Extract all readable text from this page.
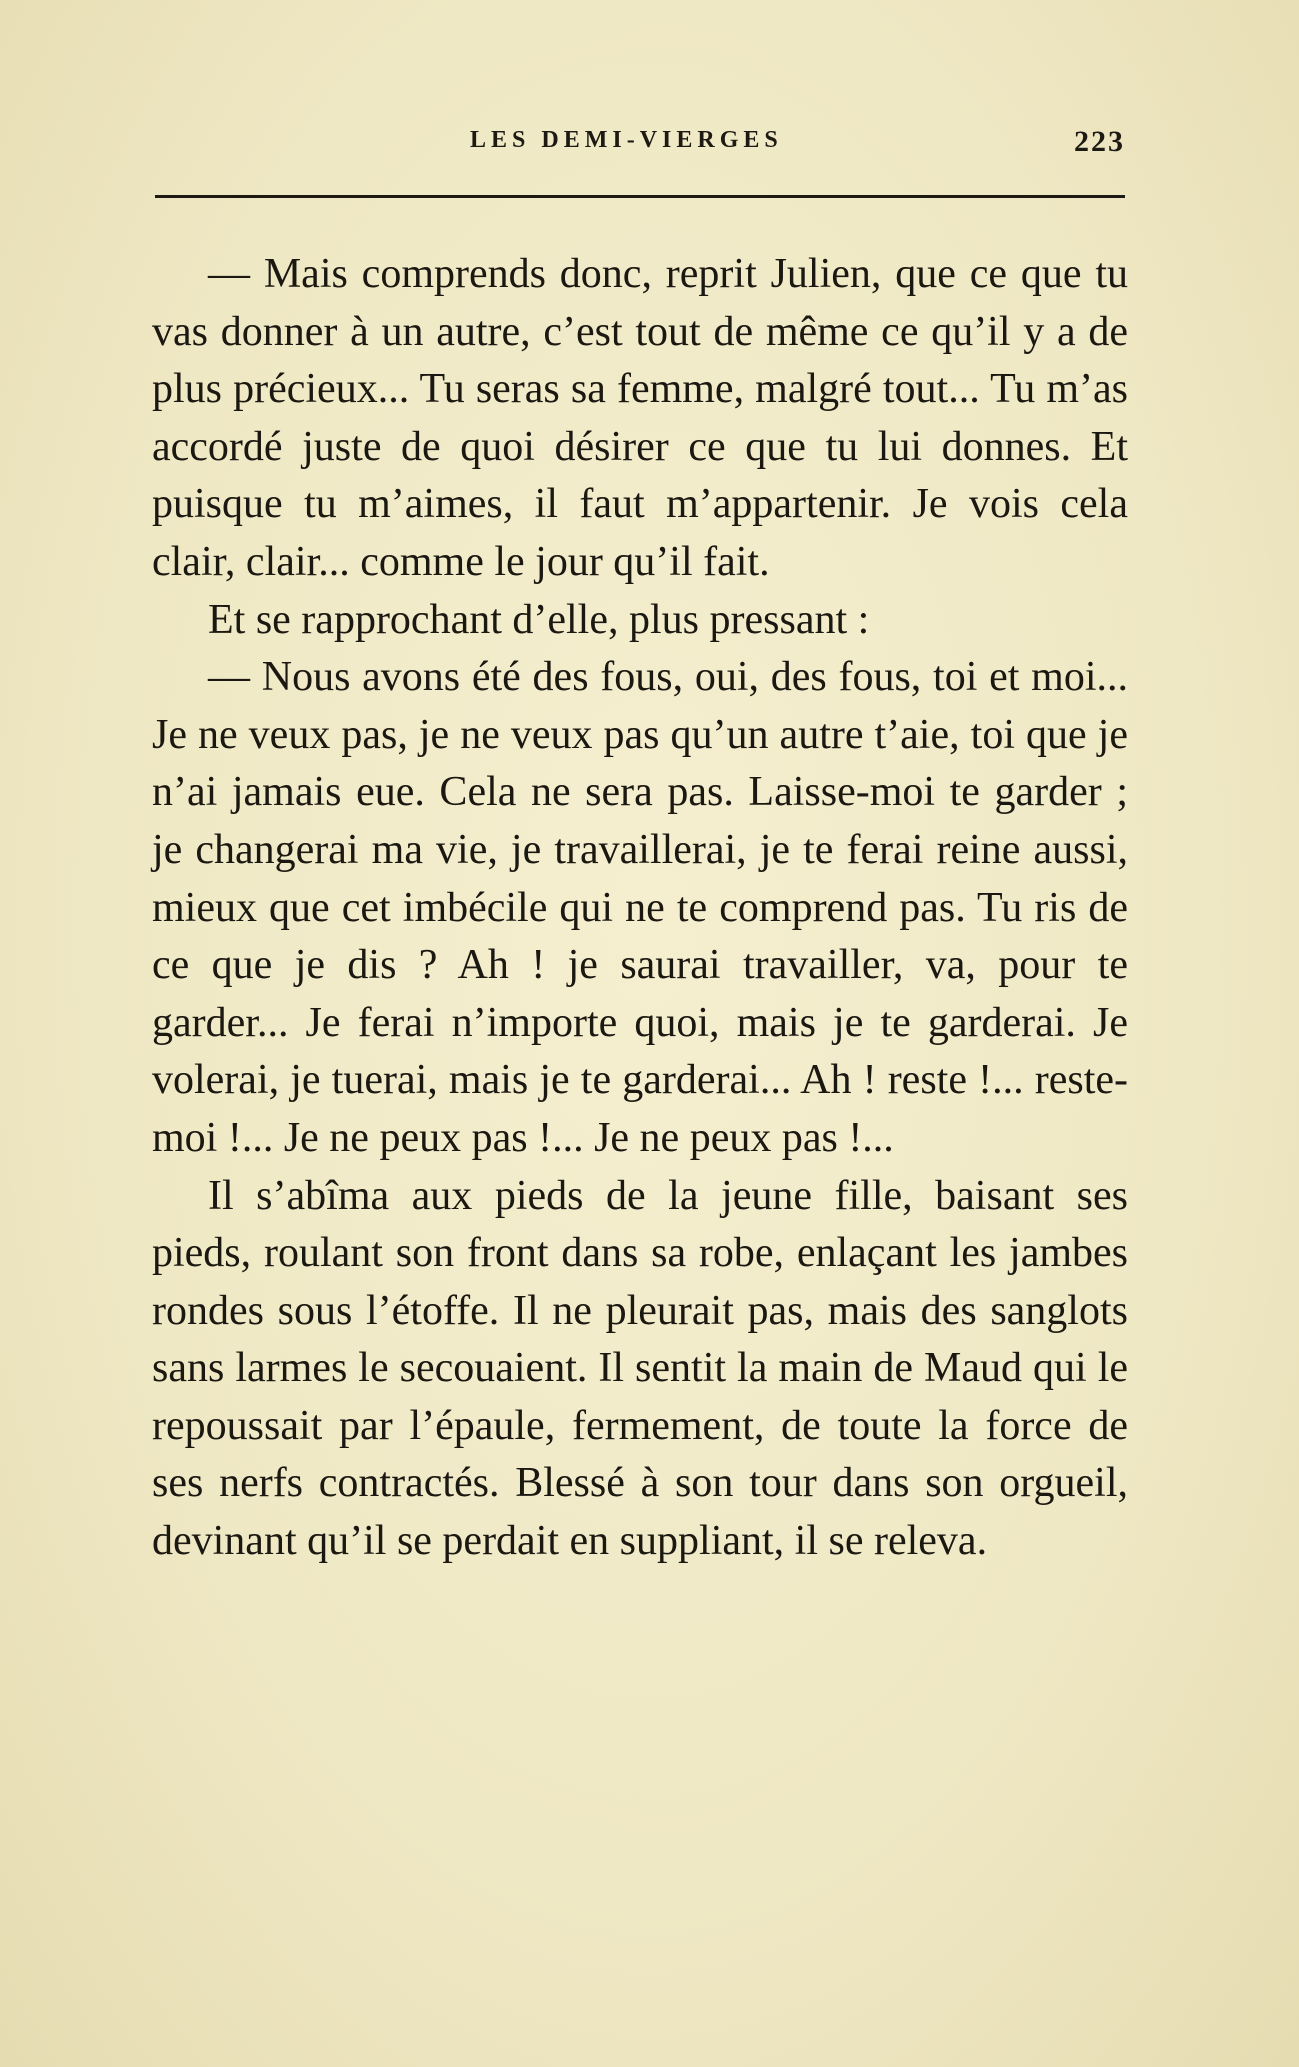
LES DEMI-VIERGES	223

— Mais comprends donc, reprit Julien, que ce que tu vas donner à un autre, c’est tout de même ce qu’il y a de plus précieux... Tu seras sa femme, malgré tout... Tu m’as accordé juste de quoi désirer ce que tu lui donnes. Et puisque tu m’aimes, il faut m’appartenir. Je vois cela clair, clair... comme le jour qu’il fait.

Et se rapprochant d’elle, plus pressant :

— Nous avons été des fous, oui, des fous, toi et moi... Je ne veux pas, je ne veux pas qu’un autre t’aie, toi que je n’ai jamais eue. Cela ne sera pas. Laisse-moi te garder ; je changerai ma vie, je travaillerai, je te ferai reine aussi, mieux que cet imbécile qui ne te comprend pas. Tu ris de ce que je dis ? Ah ! je saurai travailler, va, pour te garder... Je ferai n’importe quoi, mais je te garderai. Je volerai, je tuerai, mais je te garderai... Ah ! reste !... reste-moi !... Je ne peux pas !... Je ne peux pas !...

Il s’abîma aux pieds de la jeune fille, baisant ses pieds, roulant son front dans sa robe, enlaçant les jambes rondes sous l’étoffe. Il ne pleurait pas, mais des sanglots sans larmes le secouaient. Il sentit la main de Maud qui le repoussait par l’épaule, fermement, de toute la force de ses nerfs contractés. Blessé à son tour dans son orgueil, devinant qu’il se perdait en suppliant, il se releva.
